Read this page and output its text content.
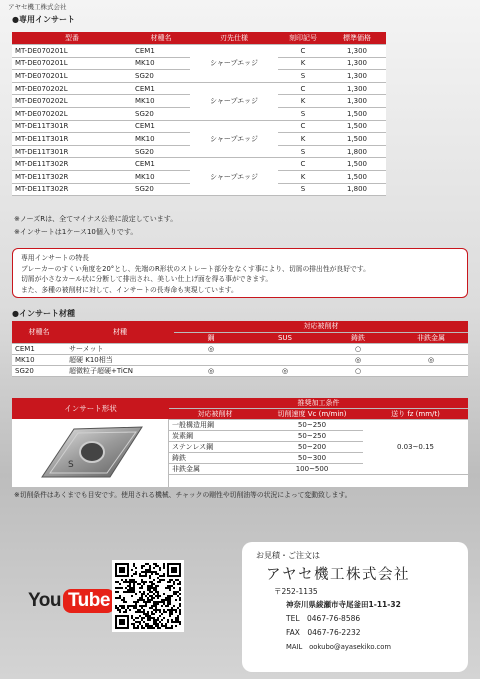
アヤセ機工株式会社
●専用インサート
型番	材種名	刃先仕様	刻印記号	標準価格
MT-DE070201L	CEM1	シャープエッジ	C	1,300
MT-DE070201L	MK10		K	1,300
MT-DE070201L	SG20		S	1,300
MT-DE070202L	CEM1	シャープエッジ	C	1,300
MT-DE070202L	MK10		K	1,300
MT-DE070202L	SG20		S	1,500
MT-DE11T301R	CEM1	シャープエッジ	C	1,500
MT-DE11T301R	MK10		K	1,500
MT-DE11T301R	SG20		S	1,800
MT-DE11T302R	CEM1	シャープエッジ	C	1,500
MT-DE11T302R	MK10		K	1,500
MT-DE11T302R	SG20		S	1,800
※ノーズRは、全てマイナス公差に設定しています。
※インサートは1ケース10個入りです。
専用インサートの特長
ブレーカーのすくい角度を20°とし、先端のR形状のストレート部分をなくす事により、切屑の排出性が良好です。
切屑が小さなカール状に分断して排出され、美しい仕上げ面を得る事ができます。
また、多種の被削材に対して、インサートの長寿命も実現しています。
●インサート材種
材種名	材種	対応被削材			
		鋼	SUS	鋳鉄	非鉄金属
CEM1	サーメット	◎		○	
MK10	超硬 K10相当			◎	◎
SG20	超微粒子超硬+TiCN	◎	◎	○	
インサート形状
S
推奨加工条件		
対応被削材	切削速度 Vc (m/min)	送り fz (mm/t)
一般構造用鋼	50~250	0.03~0.15
炭素鋼	50~250	
ステンレス鋼	50~200	
鋳鉄	50~300	
非鉄金属	100~500	
※切削条件はあくまでも目安です。使用される機械、チャックの剛性や切削油等の状況によって変動致します。
You Tube
お見積・ご注文は
アヤセ機工株式会社
〒252-1135
神奈川県綾瀬市寺尾釜田1-11-32
TEL　0467-76-8586
FAX　0467-76-2232
MAIL　ookubo@ayasekiko.com
